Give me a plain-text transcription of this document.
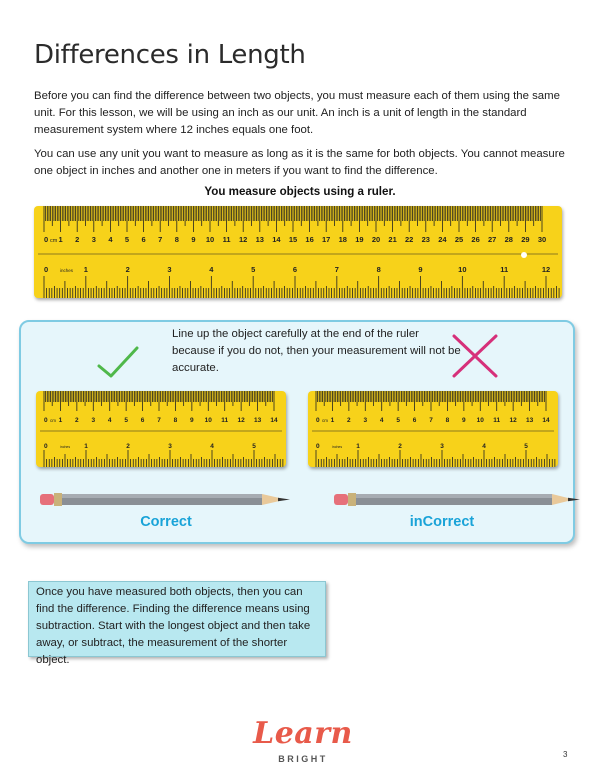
Differences in Length

Before you can find the difference between two objects, you must measure each of them using the same unit. For this lesson, we will be using an inch as our unit. An inch is a unit of length in the standard measurement system where 12 inches equals one foot.

You can use any unit you want to measure as long as it is the same for both objects. You cannot measure one object in inches and another one in meters if you want to find the difference.

You measure objects using a ruler.
0 1 2 3 4 5 6 7 8 9 10 11 12 13 14 15 16 17 18 19 20 21 22 23 24 25 26 27 28 29 30
cm
0	1	2	3	4	5	6	7	8	9	10	11	12
inches

Line up the object carefully at the end of the ruler because if you do not, then your measurement will not be accurate.

0 1 2 3 4 5 6 7 8 9 10 11 12 13 14
cm
0	1	2	3	4	5
inches
0 1 2 3 4 5 6 7 8 9 10 11 12 13 14
cm
0	1	2	3	4	5
inches
Correct	inCorrect

Once you have measured both objects, then you can find the difference. Finding the difference means using subtraction. Start with the longest object and then take away, or subtract, the measurement of the shorter object.

Learn
BRIGHT	3
